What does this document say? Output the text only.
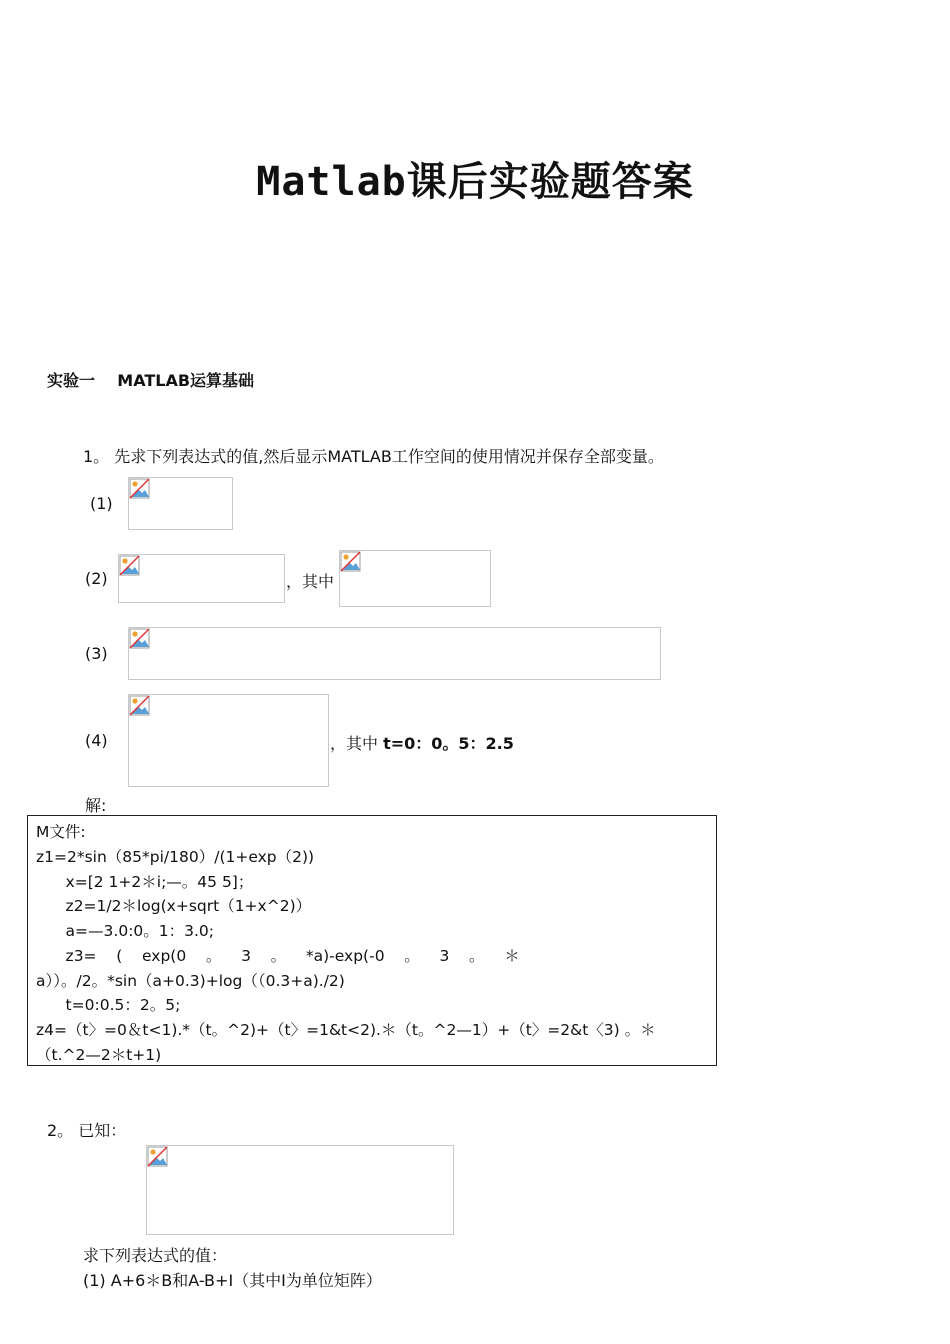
Matlab课后实验题答案
实验一    MATLAB运算基础
1。 先求下列表达式的值,然后显示MATLAB工作空间的使用情况并保存全部变量。
(1)
(2)	，其中
(3)
(4)	，其中 t=0：0。5：2.5
解:
M文件:
z1=2*sin（85*pi/180）/(1+exp（2))
x=[2 1+2＊i;—。45 5]；
z2=1/2＊log(x+sqrt（1+x^2)）
a=—3.0:0。1：3.0;
z3=    (    exp(0    。    3    。    *a)-exp(-0    。    3    。    ＊
a））。/2。*sin（a+0.3)+log（（0.3+a)./2)
t=0:0.5：2。5;
z4=（t〉=0＆t<1).*（t。^2)+（t〉=1&t<2).＊（t。^2—1）+（t〉=2&t〈3) 。＊
（t.^2—2＊t+1)
2。 已知：
求下列表达式的值：
(1) A+6＊B和A-B+I（其中I为单位矩阵）
